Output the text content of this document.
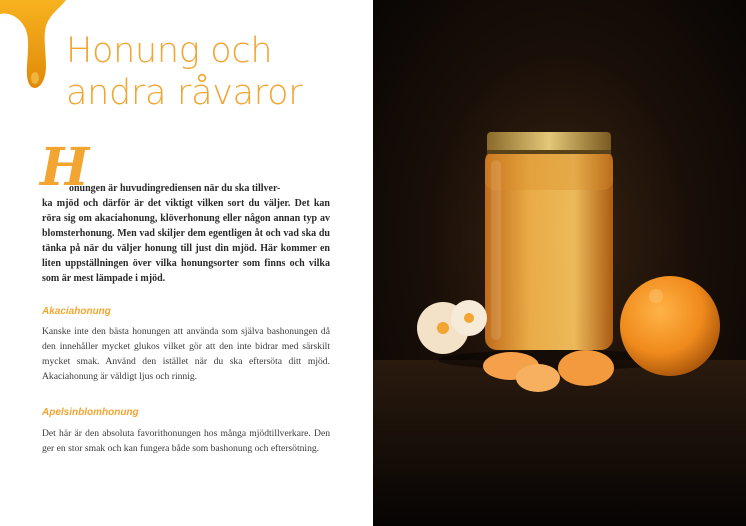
Honung och
andra råvaror
H
onungen är huvudingrediensen när du ska tillver-
ka mjöd och därför är det viktigt vilken sort du väljer. Det kan röra sig om akaciahonung, klöverhonung eller någon annan typ av blomsterhonung. Men vad skiljer dem egentligen åt och vad ska du tänka på när du väljer honung till just din mjöd. Här kommer en liten uppställningen över vilka honungsorter som finns och vilka som är mest lämpade i mjöd.
Akaciahonung
Kanske inte den bästa honungen att använda som själva bashonungen då den innehåller mycket glukos vilket gör att den inte bidrar med särskilt mycket smak. Använd den istället när du ska eftersöta ditt mjöd. Akaciahonung är väldigt ljus och rinnig.
Apelsinblomhonung
Det här är den absoluta favorithonungen hos många mjödtillverkare. Den ger en stor smak och kan fungera både som bashonung och eftersötning.
